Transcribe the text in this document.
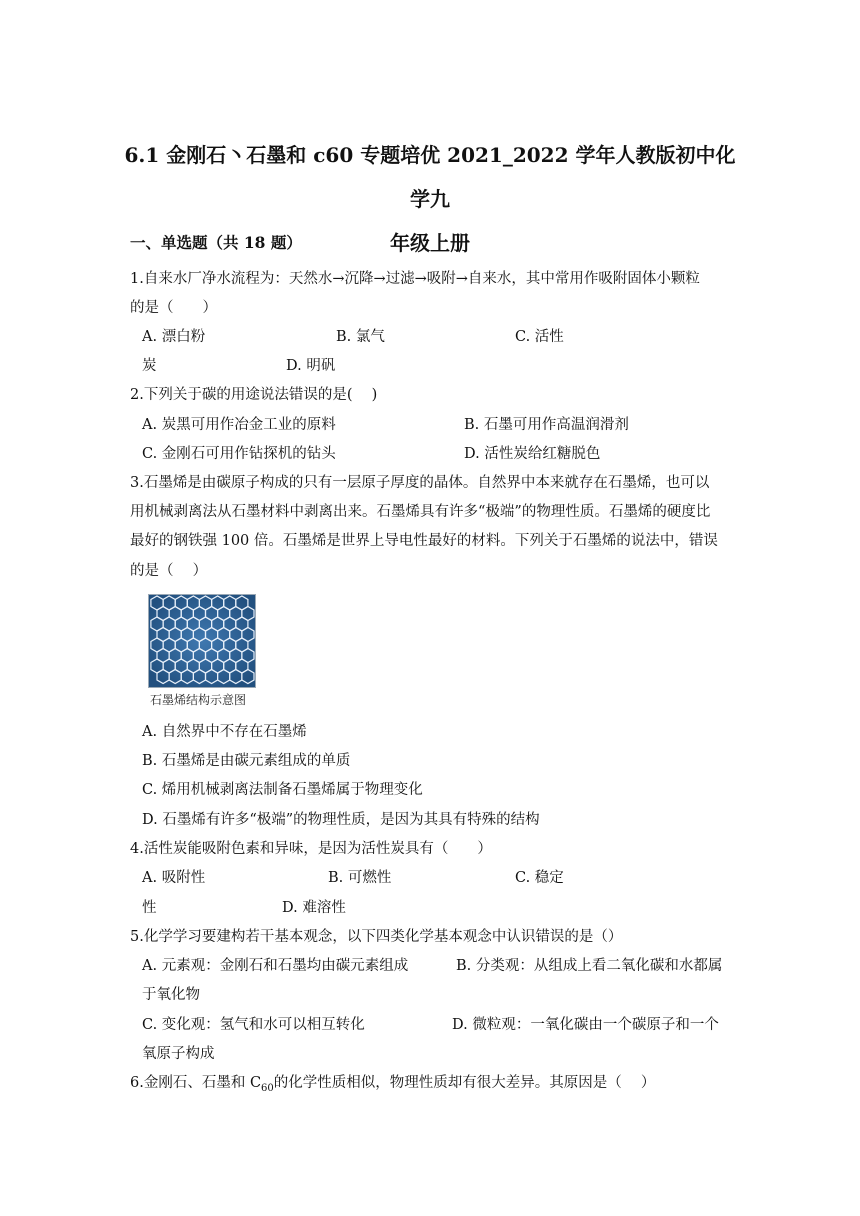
6.1 金刚石丶石墨和 c60 专题培优 2021_2022 学年人教版初中化学九
年级上册
一、单选题（共 18 题）
1.自来水厂净水流程为：天然水→沉降→过滤→吸附→自来水，其中常用作吸附固体小颗粒
的是（　　）
A. 漂白粉	B. 氯气	C. 活性
炭	D. 明矾
2.下列关于碳的用途说法错误的是(　 )
A. 炭黑可用作冶金工业的原料	B. 石墨可用作高温润滑剂
C. 金刚石可用作钻探机的钻头	D. 活性炭给红糖脱色
3.石墨烯是由碳原子构成的只有一层原子厚度的晶体。自然界中本来就存在石墨烯，也可以
用机械剥离法从石墨材料中剥离出来。石墨烯具有许多“极端”的物理性质。石墨烯的硬度比
最好的钢铁强 100 倍。石墨烯是世界上导电性最好的材料。下列关于石墨烯的说法中，错误
的是（　 ）
石墨烯结构示意图
A. 自然界中不存在石墨烯
B. 石墨烯是由碳元素组成的单质
C. 烯用机械剥离法制备石墨烯属于物理变化
D. 石墨烯有许多“极端”的物理性质，是因为其具有特殊的结构
4.活性炭能吸附色素和异味，是因为活性炭具有（　　）
A. 吸附性	B. 可燃性	C. 稳定
性	D. 难溶性
5.化学学习要建构若干基本观念，以下四类化学基本观念中认识错误的是（）
A. 元素观：金刚石和石墨均由碳元素组成	B. 分类观：从组成上看二氧化碳和水都属
于氧化物
C. 变化观：氢气和水可以相互转化	D. 微粒观：一氧化碳由一个碳原子和一个
氧原子构成
6.金刚石、石墨和 $C_{60}$的化学性质相似，物理性质却有很大差异。其原因是（　 ）
